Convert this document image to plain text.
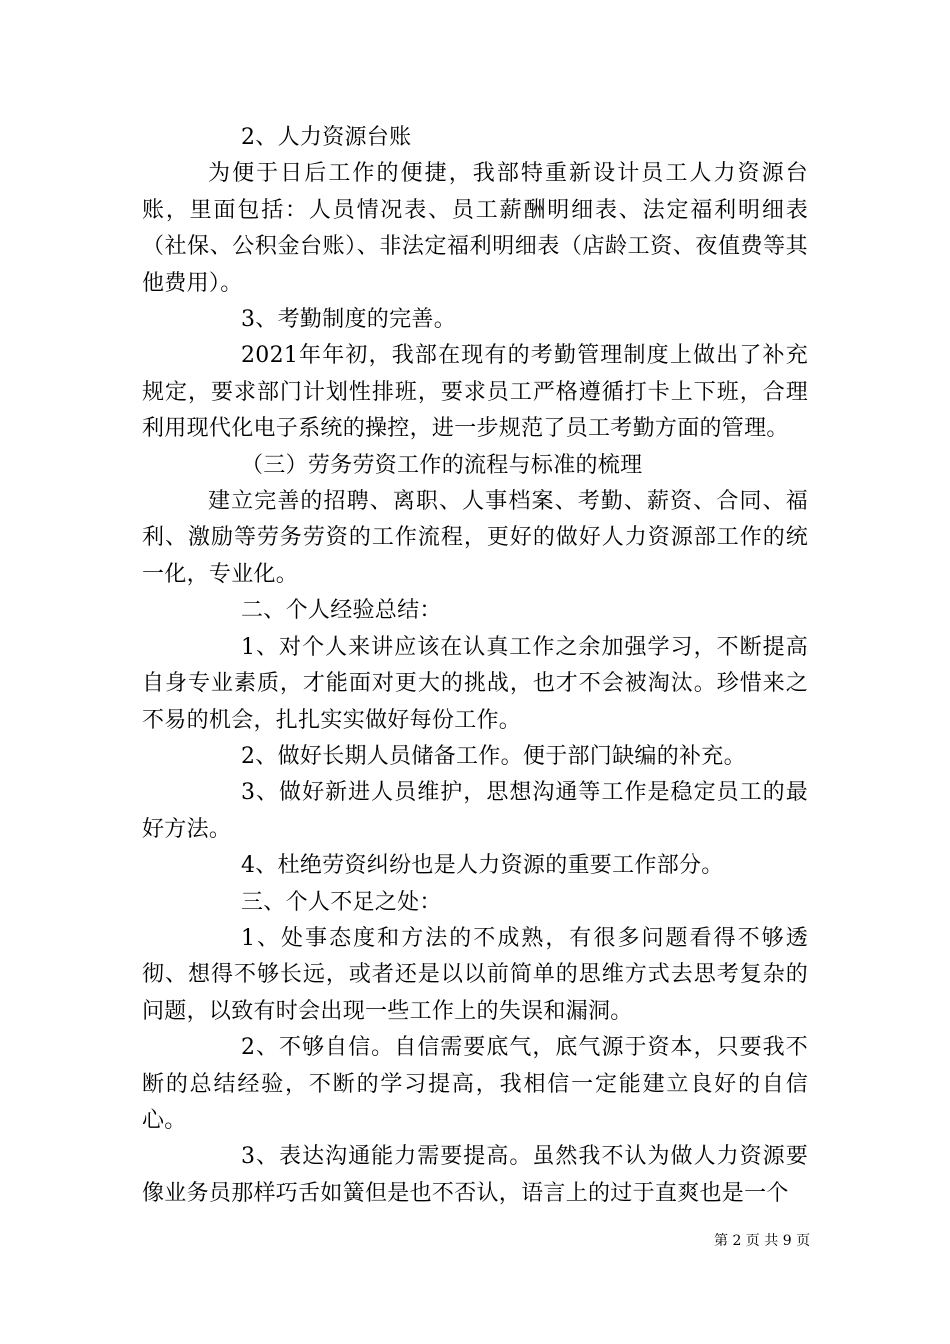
2、人力资源台账

为便于日后工作的便捷，我部特重新设计员工人力资源台账，里面包括：人员情况表、员工薪酬明细表、法定福利明细表（社保、公积金台账）、非法定福利明细表（店龄工资、夜值费等其他费用）。

3、考勤制度的完善。

2021年年初，我部在现有的考勤管理制度上做出了补充规定，要求部门计划性排班，要求员工严格遵循打卡上下班，合理利用现代化电子系统的操控，进一步规范了员工考勤方面的管理。

（三）劳务劳资工作的流程与标准的梳理

建立完善的招聘、离职、人事档案、考勤、薪资、合同、福利、激励等劳务劳资的工作流程，更好的做好人力资源部工作的统一化，专业化。

二、个人经验总结：

1、对个人来讲应该在认真工作之余加强学习，不断提高自身专业素质，才能面对更大的挑战，也才不会被淘汰。珍惜来之不易的机会，扎扎实实做好每份工作。

2、做好长期人员储备工作。便于部门缺编的补充。

3、做好新进人员维护，思想沟通等工作是稳定员工的最好方法。

4、杜绝劳资纠纷也是人力资源的重要工作部分。

三、个人不足之处：

1、处事态度和方法的不成熟，有很多问题看得不够透彻、想得不够长远，或者还是以以前简单的思维方式去思考复杂的问题，以致有时会出现一些工作上的失误和漏洞。

2、不够自信。自信需要底气，底气源于资本，只要我不断的总结经验，不断的学习提高，我相信一定能建立良好的自信心。

3、表达沟通能力需要提高。虽然我不认为做人力资源要像业务员那样巧舌如簧但是也不否认，语言上的过于直爽也是一个

第 2 页 共 9 页
